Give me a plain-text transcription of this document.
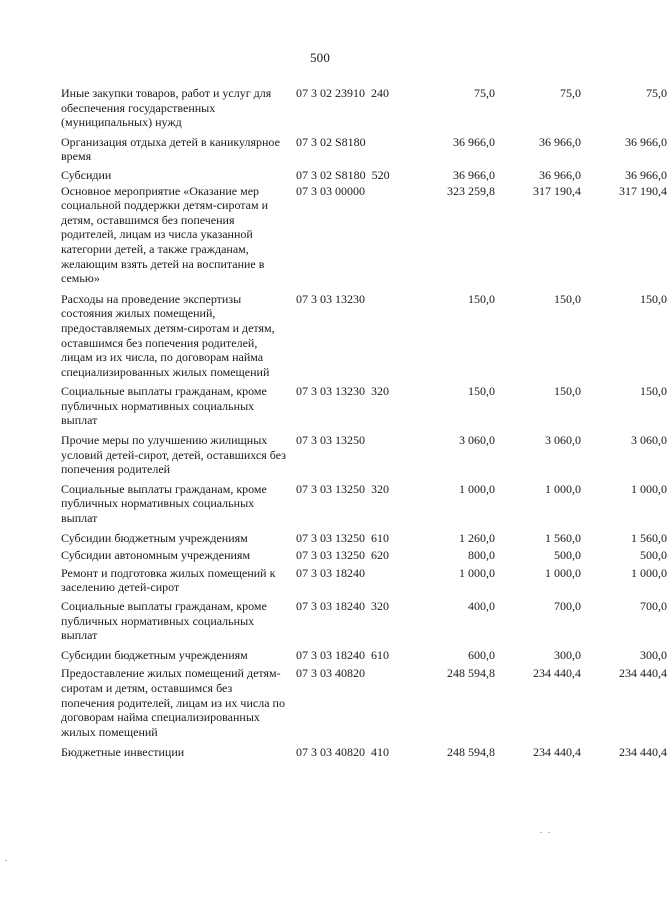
500
Иные закупки товаров, работ и услуг для обеспечения государственных (муниципальных) нужд
07 3 02 23910  240	75,0	75,0	75,0
Организация отдыха детей в каникулярное время
07 3 02 S8180	36 966,0	36 966,0	36 966,0
Субсидии	07 3 02 S8180  520	36 966,0	36 966,0	36 966,0
Основное мероприятие «Оказание мер социальной поддержки детям-сиротам и детям, оставшимся без попечения родителей, лицам из числа указанной категории детей, а также гражданам, желающим взять детей на воспитание в семью»
07 3 03 00000	323 259,8	317 190,4	317 190,4
Расходы на проведение экспертизы состояния жилых помещений, предоставляемых детям-сиротам и детям, оставшимся без попечения родителей, лицам из их числа, по договорам найма специализированных жилых помещений
07 3 03 13230	150,0	150,0	150,0
Социальные выплаты гражданам, кроме публичных нормативных социальных выплат
07 3 03 13230  320	150,0	150,0	150,0
Прочие меры по улучшению жилищных условий детей-сирот, детей, оставшихся без попечения родителей
07 3 03 13250	3 060,0	3 060,0	3 060,0
Социальные выплаты гражданам, кроме публичных нормативных социальных выплат
07 3 03 13250  320	1 000,0	1 000,0	1 000,0
Субсидии бюджетным учреждениям	07 3 03 13250  610	1 260,0	1 560,0	1 560,0
Субсидии автономным учреждениям	07 3 03 13250  620	800,0	500,0	500,0
Ремонт и подготовка жилых помещений к заселению детей-сирот
07 3 03 18240	1 000,0	1 000,0	1 000,0
Социальные выплаты гражданам, кроме публичных нормативных социальных выплат
07 3 03 18240  320	400,0	700,0	700,0
Субсидии бюджетным учреждениям	07 3 03 18240  610	600,0	300,0	300,0
Предоставление жилых помещений детям-сиротам и детям, оставшимся без попечения родителей, лицам из их числа по договорам найма специализированных жилых помещений
07 3 03 40820	248 594,8	234 440,4	234 440,4
Бюджетные инвестиции	07 3 03 40820  410	248 594,8	234 440,4	234 440,4
